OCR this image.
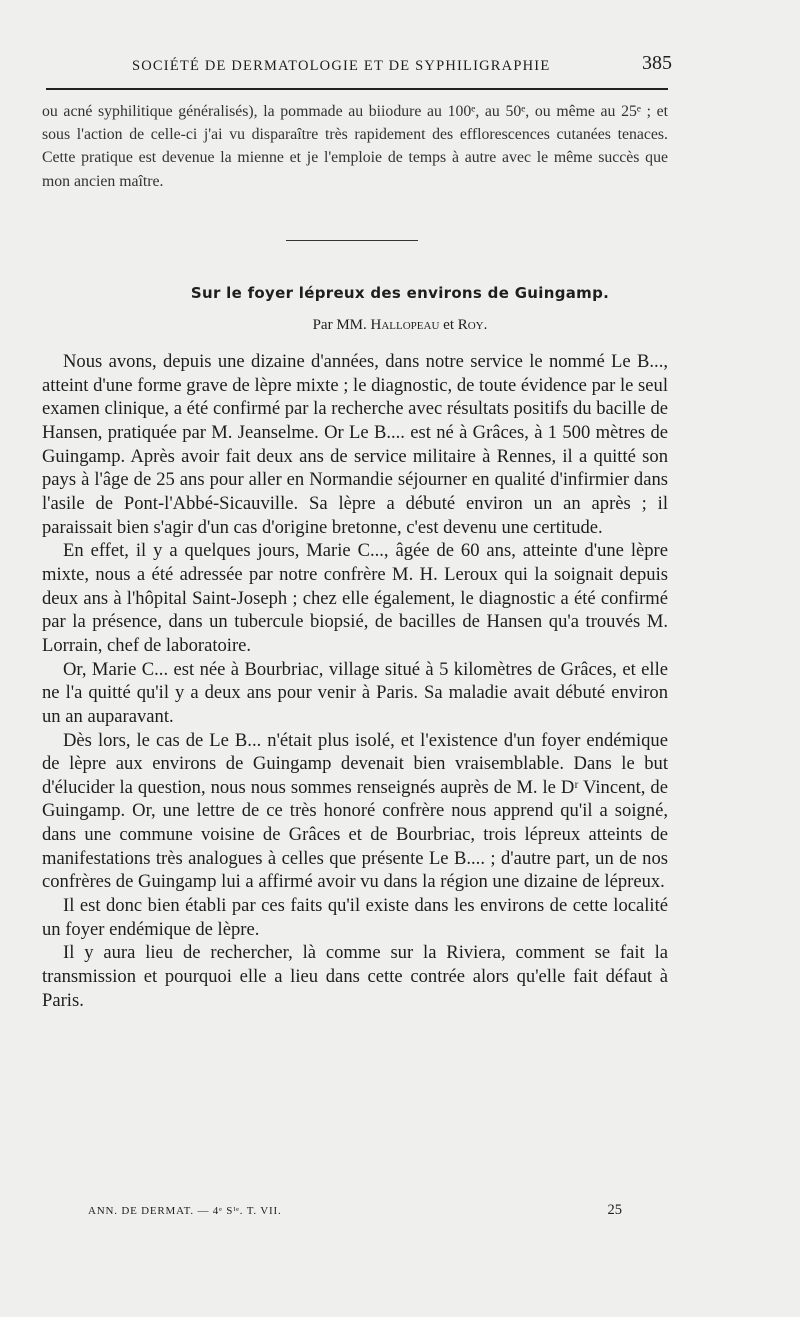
SOCIÉTÉ DE DERMATOLOGIE ET DE SYPHILIGRAPHIE	385

ou acné syphilitique généralisés), la pommade au biiodure au 100ᵉ, au 50ᵉ, ou même au 25ᵉ ; et sous l'action de celle-ci j'ai vu disparaître très rapidement des efflorescences cutanées tenaces. Cette pratique est devenue la mienne et je l'emploie de temps à autre avec le même succès que mon ancien maître.

Sur le foyer lépreux des environs de Guingamp.
Par MM. Hallopeau et Roy.

Nous avons, depuis une dizaine d'années, dans notre service le nommé Le B..., atteint d'une forme grave de lèpre mixte ; le diagnostic, de toute évidence par le seul examen clinique, a été confirmé par la recherche avec résultats positifs du bacille de Hansen, pratiquée par M. Jeanselme. Or Le B.... est né à Grâces, à 1 500 mètres de Guingamp. Après avoir fait deux ans de service militaire à Rennes, il a quitté son pays à l'âge de 25 ans pour aller en Normandie séjourner en qualité d'infirmier dans l'asile de Pont-l'Abbé-Sicauville. Sa lèpre a débuté environ un an après ; il paraissait bien s'agir d'un cas d'origine bretonne, c'est devenu une certitude.

En effet, il y a quelques jours, Marie C..., âgée de 60 ans, atteinte d'une lèpre mixte, nous a été adressée par notre confrère M. H. Leroux qui la soignait depuis deux ans à l'hôpital Saint-Joseph ; chez elle également, le diagnostic a été confirmé par la présence, dans un tubercule biopsié, de bacilles de Hansen qu'a trouvés M. Lorrain, chef de laboratoire.

Or, Marie C... est née à Bourbriac, village situé à 5 kilomètres de Grâces, et elle ne l'a quitté qu'il y a deux ans pour venir à Paris. Sa maladie avait débuté environ un an auparavant.

Dès lors, le cas de Le B... n'était plus isolé, et l'existence d'un foyer endémique de lèpre aux environs de Guingamp devenait bien vraisemblable. Dans le but d'élucider la question, nous nous sommes renseignés auprès de M. le Dʳ Vincent, de Guingamp. Or, une lettre de ce très honoré confrère nous apprend qu'il a soigné, dans une commune voisine de Grâces et de Bourbriac, trois lépreux atteints de manifestations très analogues à celles que présente Le B.... ; d'autre part, un de nos confrères de Guingamp lui a affirmé avoir vu dans la région une dizaine de lépreux.

Il est donc bien établi par ces faits qu'il existe dans les environs de cette localité un foyer endémique de lèpre.

Il y aura lieu de rechercher, là comme sur la Riviera, comment se fait la transmission et pourquoi elle a lieu dans cette contrée alors qu'elle fait défaut à Paris.

ANN. DE DERMAT. — 4ᵉ Sᴵᵉ. T. VII.	25
